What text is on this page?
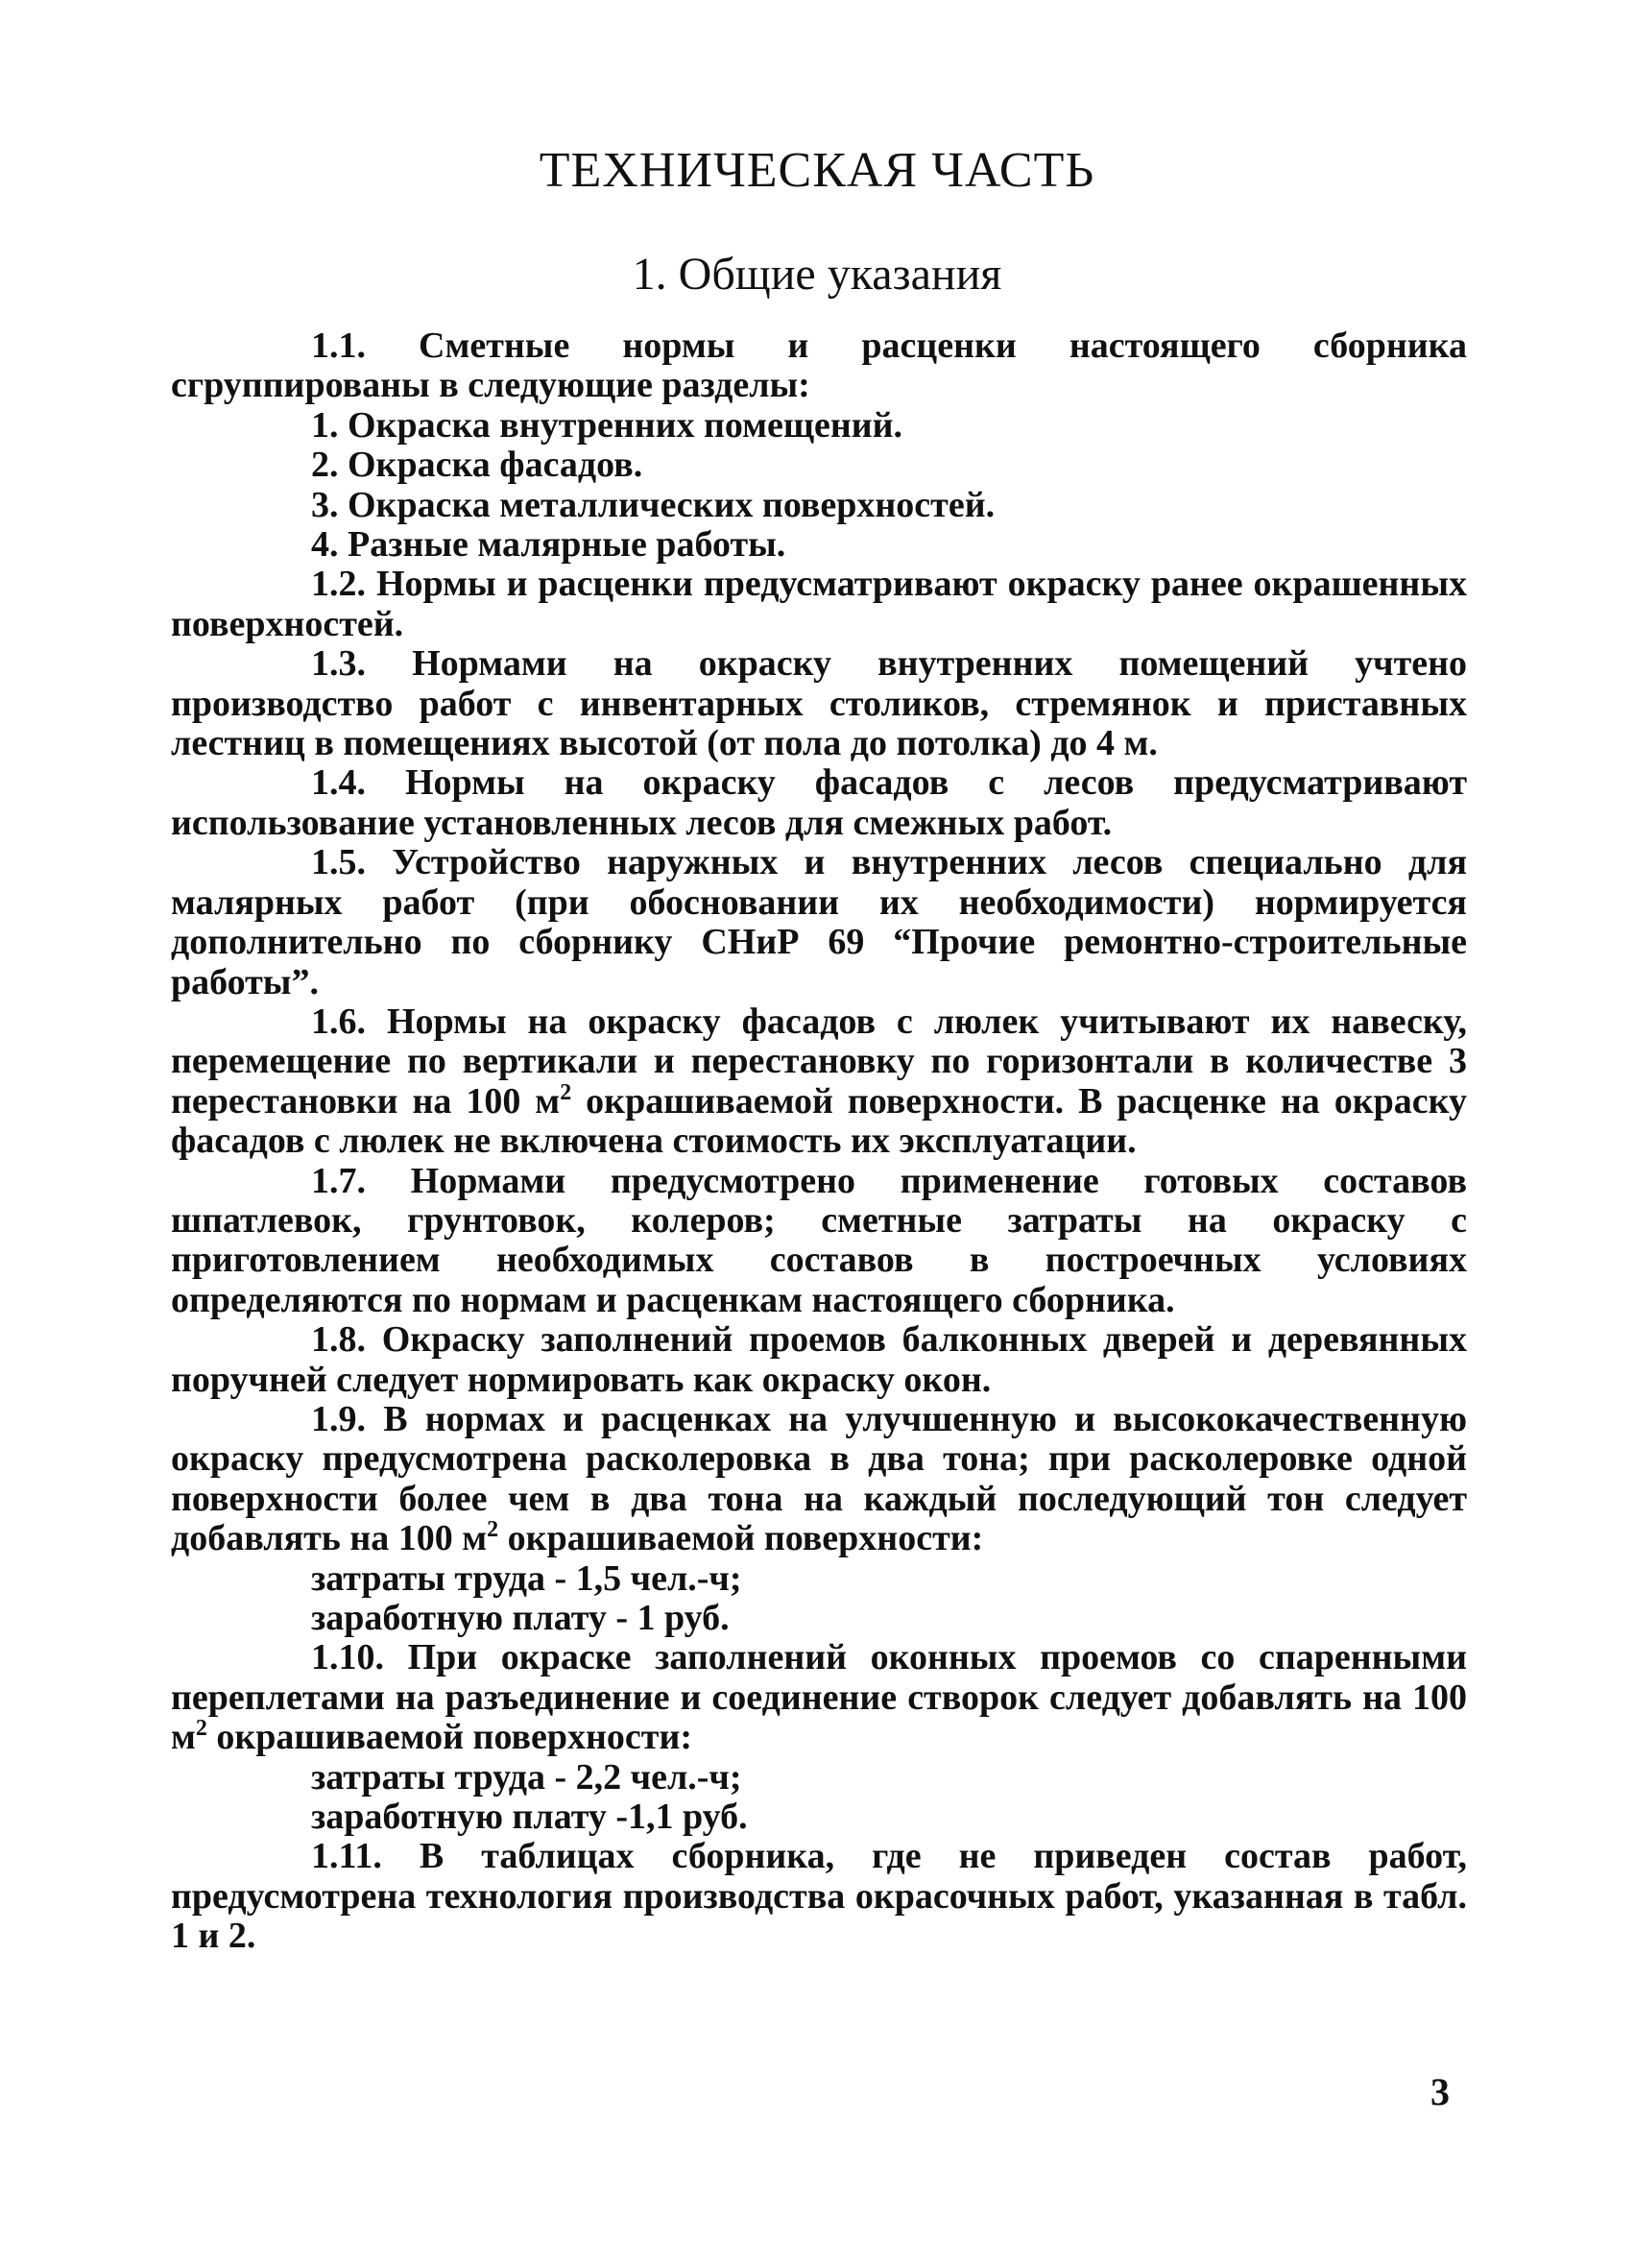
ТЕХНИЧЕСКАЯ ЧАСТЬ
1. Общие указания

1.1. Сметные нормы и расценки настоящего сборника сгруппированы в следующие разделы:

1. Окраска внутренних помещений.

2. Окраска фасадов.

3. Окраска металлических поверхностей.

4. Разные малярные работы.

1.2. Нормы и расценки предусматривают окраску ранее окрашенных поверхностей.

1.3. Нормами на окраску внутренних помещений учтено производство работ с инвентарных столиков, стремянок и приставных лестниц в помещениях высотой (от пола до потолка) до 4 м.

1.4. Нормы на окраску фасадов с лесов предусматривают использование установленных лесов для смежных работ.

1.5. Устройство наружных и внутренних лесов специально для малярных работ (при обосновании их необходимости) нормируется дополнительно по сборнику СНиР 69 “Прочие ремонтно-строительные работы”.

1.6. Нормы на окраску фасадов с люлек учитывают их навеску, перемещение по вертикали и перестановку по горизонтали в количестве 3 перестановки на 100 $м^2$ окрашиваемой поверхности. В расценке на окраску фасадов с люлек не включена стоимость их эксплуатации.

1.7. Нормами предусмотрено применение готовых составов шпатлевок, грунтовок, колеров; сметные затраты на окраску с приготовлением необходимых составов в построечных условиях определяются по нормам и расценкам настоящего сборника.

1.8. Окраску заполнений проемов балконных дверей и деревянных поручней следует нормировать как окраску окон.

1.9. В нормах и расценках на улучшенную и высококачественную окраску предусмотрена расколеровка в два тона; при расколеровке одной поверхности более чем в два тона на каждый последующий тон следует добавлять на 100 $м^2$ окрашиваемой поверхности:

затраты труда - 1,5 чел.-ч;

заработную плату - 1 руб.

1.10. При окраске заполнений оконных проемов со спаренными переплетами на разъединение и соединение створок следует добавлять на 100 $м^2$ окрашиваемой поверхности:

затраты труда - 2,2 чел.-ч;

заработную плату -1,1 руб.

1.11. В таблицах сборника, где не приведен состав работ, предусмотрена технология производства окрасочных работ, указанная в табл. 1 и 2.

3
